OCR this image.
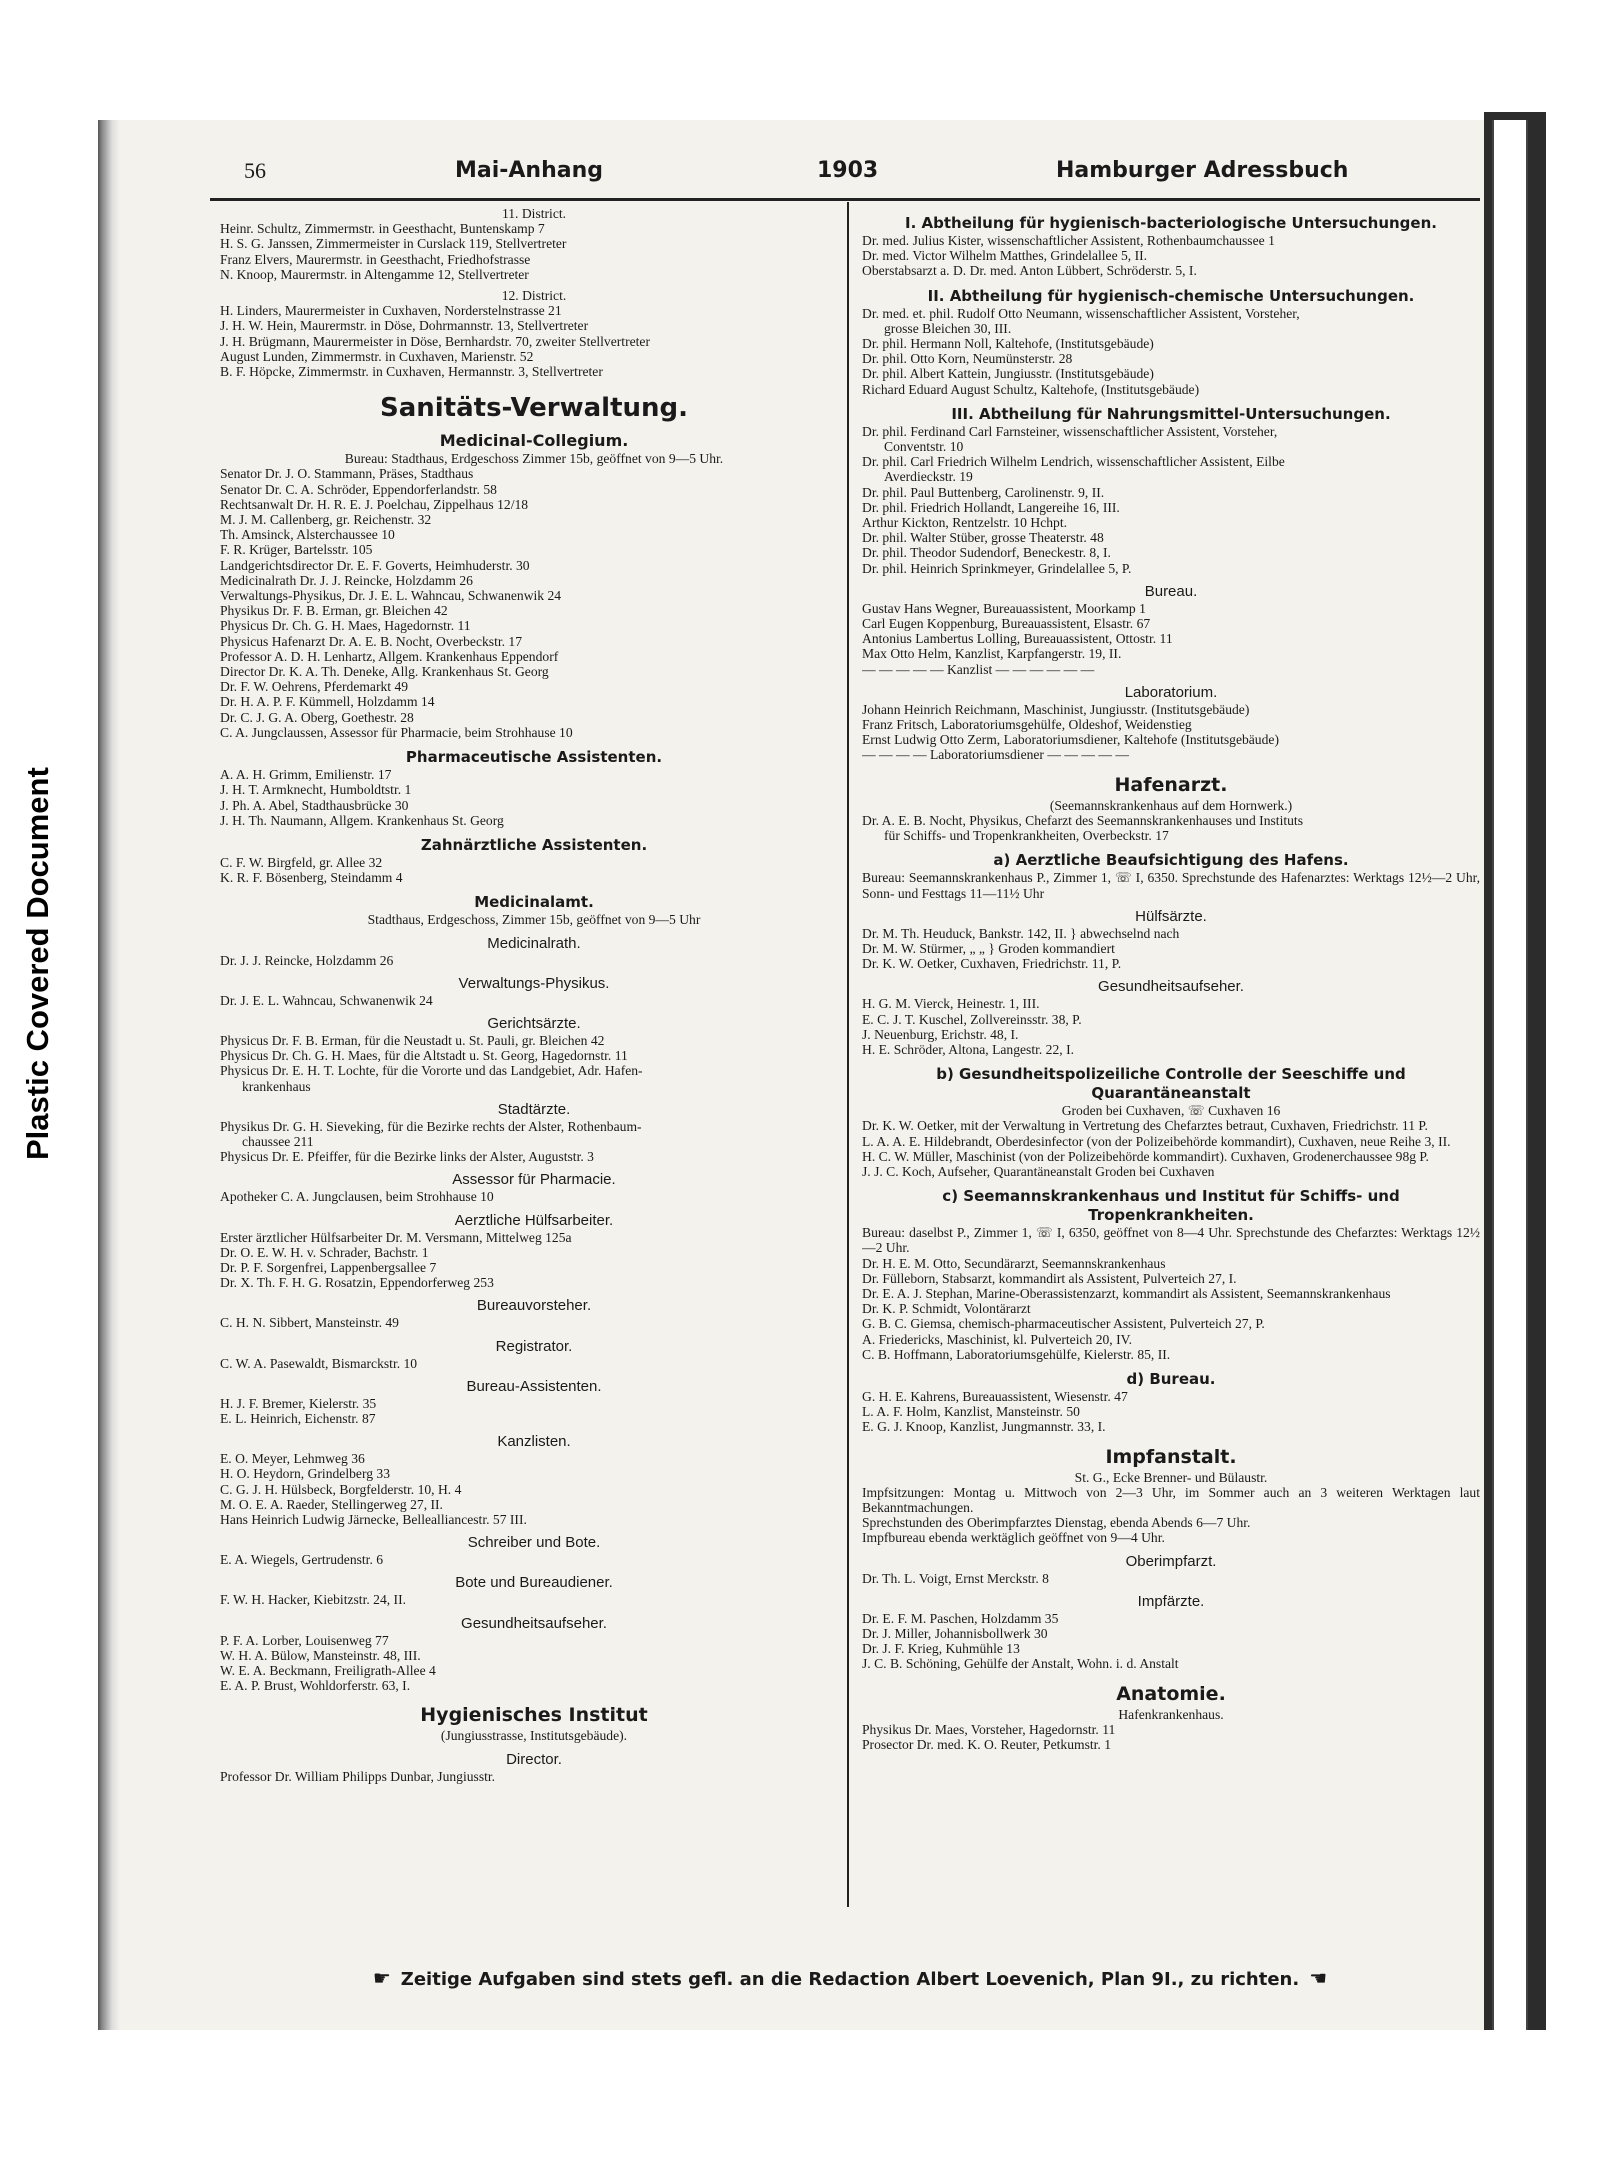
Plastic Covered Document
56	Mai-Anhang	1903	Hamburger Adressbuch
11. District.
Heinr. Schultz, Zimmermstr. in Geesthacht, Buntenskamp 7
H. S. G. Janssen, Zimmermeister in Curslack 119, Stellvertreter
Franz Elvers, Maurermstr. in Geesthacht, Friedhofstrasse
N. Knoop, Maurermstr. in Altengamme 12, Stellvertreter
12. District.
H. Linders, Maurermeister in Cuxhaven, Norderstelnstrasse 21
J. H. W. Hein, Maurermstr. in Döse, Dohrmannstr. 13, Stellvertreter
J. H. Brügmann, Maurermeister in Döse, Bernhardstr. 70, zweiter Stellvertreter
August Lunden, Zimmermstr. in Cuxhaven, Marienstr. 52
B. F. Höpcke, Zimmermstr. in Cuxhaven, Hermannstr. 3, Stellvertreter
Sanitäts-Verwaltung.
Medicinal-Collegium.
Bureau: Stadthaus, Erdgeschoss Zimmer 15b, geöffnet von 9—5 Uhr.
Senator Dr. J. O. Stammann, Präses, Stadthaus
Senator Dr. C. A. Schröder, Eppendorferlandstr. 58
Rechtsanwalt Dr. H. R. E. J. Poelchau, Zippelhaus 12/18
M. J. M. Callenberg, gr. Reichenstr. 32
Th. Amsinck, Alsterchaussee 10
F. R. Krüger, Bartelsstr. 105
Landgerichtsdirector Dr. E. F. Goverts, Heimhuderstr. 30
Medicinalrath Dr. J. J. Reincke, Holzdamm 26
Verwaltungs-Physikus, Dr. J. E. L. Wahncau, Schwanenwik 24
Physikus Dr. F. B. Erman, gr. Bleichen 42
Physicus Dr. Ch. G. H. Maes, Hagedornstr. 11
Physicus Hafenarzt Dr. A. E. B. Nocht, Overbeckstr. 17
Professor A. D. H. Lenhartz, Allgem. Krankenhaus Eppendorf
Director Dr. K. A. Th. Deneke, Allg. Krankenhaus St. Georg
Dr. F. W. Oehrens, Pferdemarkt 49
Dr. H. A. P. F. Kümmell, Holzdamm 14
Dr. C. J. G. A. Oberg, Goethestr. 28
C. A. Jungclaussen, Assessor für Pharmacie, beim Strohhause 10
Pharmaceutische Assistenten.
A. A. H. Grimm, Emilienstr. 17
J. H. T. Armknecht, Humboldtstr. 1
J. Ph. A. Abel, Stadthausbrücke 30
J. H. Th. Naumann, Allgem. Krankenhaus St. Georg
Zahnärztliche Assistenten.
C. F. W. Birgfeld, gr. Allee 32
K. R. F. Bösenberg, Steindamm 4
Medicinalamt.
Stadthaus, Erdgeschoss, Zimmer 15b, geöffnet von 9—5 Uhr
Medicinalrath.
Dr. J. J. Reincke, Holzdamm 26
Verwaltungs-Physikus.
Dr. J. E. L. Wahncau, Schwanenwik 24
Gerichtsärzte.
Physicus Dr. F. B. Erman, für die Neustadt u. St. Pauli, gr. Bleichen 42
Physicus Dr. Ch. G. H. Maes, für die Altstadt u. St. Georg, Hagedornstr. 11
Physicus Dr. E. H. T. Lochte, für die Vororte und das Landgebiet, Adr. Hafen-
krankenhaus
Stadtärzte.
Physikus Dr. G. H. Sieveking, für die Bezirke rechts der Alster, Rothenbaum-
chaussee 211
Physicus Dr. E. Pfeiffer, für die Bezirke links der Alster, Auguststr. 3
Assessor für Pharmacie.
Apotheker C. A. Jungclausen, beim Strohhause 10
Aerztliche Hülfsarbeiter.
Erster ärztlicher Hülfsarbeiter Dr. M. Versmann, Mittelweg 125a
Dr. O. E. W. H. v. Schrader, Bachstr. 1
Dr. P. F. Sorgenfrei, Lappenbergsallee 7
Dr. X. Th. F. H. G. Rosatzin, Eppendorferweg 253
Bureauvorsteher.
C. H. N. Sibbert, Mansteinstr. 49
Registrator.
C. W. A. Pasewaldt, Bismarckstr. 10
Bureau-Assistenten.
H. J. F. Bremer, Kielerstr. 35
E. L. Heinrich, Eichenstr. 87
Kanzlisten.
E. O. Meyer, Lehmweg 36
H. O. Heydorn, Grindelberg 33
C. G. J. H. Hülsbeck, Borgfelderstr. 10, H. 4
M. O. E. A. Raeder, Stellingerweg 27, II.
Hans Heinrich Ludwig Järnecke, Bellealliancestr. 57 III.
Schreiber und Bote.
E. A. Wiegels, Gertrudenstr. 6
Bote und Bureaudiener.
F. W. H. Hacker, Kiebitzstr. 24, II.
Gesundheitsaufseher.
P. F. A. Lorber, Louisenweg 77
W. H. A. Bülow, Mansteinstr. 48, III.
W. E. A. Beckmann, Freiligrath-Allee 4
E. A. P. Brust, Wohldorferstr. 63, I.
Hygienisches Institut
(Jungiusstrasse, Institutsgebäude).
Director.
Professor Dr. William Philipps Dunbar, Jungiusstr.
I. Abtheilung für hygienisch-bacteriologische Untersuchungen.
Dr. med. Julius Kister, wissenschaftlicher Assistent, Rothenbaumchaussee 1
Dr. med. Victor Wilhelm Matthes, Grindelallee 5, II.
Oberstabsarzt a. D. Dr. med. Anton Lübbert, Schröderstr. 5, I.
II. Abtheilung für hygienisch-chemische Untersuchungen.
Dr. med. et. phil. Rudolf Otto Neumann, wissenschaftlicher Assistent, Vorsteher,
grosse Bleichen 30, III.
Dr. phil. Hermann Noll, Kaltehofe, (Institutsgebäude)
Dr. phil. Otto Korn, Neumünsterstr. 28
Dr. phil. Albert Kattein, Jungiusstr. (Institutsgebäude)
Richard Eduard August Schultz, Kaltehofe, (Institutsgebäude)
III. Abtheilung für Nahrungsmittel-Untersuchungen.
Dr. phil. Ferdinand Carl Farnsteiner, wissenschaftlicher Assistent, Vorsteher,
Conventstr. 10
Dr. phil. Carl Friedrich Wilhelm Lendrich, wissenschaftlicher Assistent, Eilbe
Averdieckstr. 19
Dr. phil. Paul Buttenberg, Carolinenstr. 9, II.
Dr. phil. Friedrich Hollandt, Langereihe 16, III.
Arthur Kickton, Rentzelstr. 10 Hchpt.
Dr. phil. Walter Stüber, grosse Theaterstr. 48
Dr. phil. Theodor Sudendorf, Beneckestr. 8, I.
Dr. phil. Heinrich Sprinkmeyer, Grindelallee 5, P.
Bureau.
Gustav Hans Wegner, Bureauassistent, Moorkamp 1
Carl Eugen Koppenburg, Bureauassistent, Elsastr. 67
Antonius Lambertus Lolling, Bureauassistent, Ottostr. 11
Max Otto Helm, Kanzlist, Karpfangerstr. 19, II.
— — — — — Kanzlist — — — — — —
Laboratorium.
Johann Heinrich Reichmann, Maschinist, Jungiusstr. (Institutsgebäude)
Franz Fritsch, Laboratoriumsgehülfe, Oldeshof, Weidenstieg
Ernst Ludwig Otto Zerm, Laboratoriumsdiener, Kaltehofe (Institutsgebäude)
— — — — Laboratoriumsdiener — — — — —
Hafenarzt.
(Seemannskrankenhaus auf dem Hornwerk.)
Dr. A. E. B. Nocht, Physikus, Chefarzt des Seemannskrankenhauses und Instituts
für Schiffs- und Tropenkrankheiten, Overbeckstr. 17
a) Aerztliche Beaufsichtigung des Hafens.
Bureau: Seemannskrankenhaus P., Zimmer 1, ☏ I, 6350. Sprechstunde des Hafenarztes: Werktags 12½—2 Uhr, Sonn- und Festtags 11—11½ Uhr
Hülfsärzte.
Dr. M. Th. Heuduck, Bankstr. 142, II. } abwechselnd nach
Dr. M. W. Stürmer, „ „ } Groden kommandiert
Dr. K. W. Oetker, Cuxhaven, Friedrichstr. 11, P.
Gesundheitsaufseher.
H. G. M. Vierck, Heinestr. 1, III.
E. C. J. T. Kuschel, Zollvereinsstr. 38, P.
J. Neuenburg, Erichstr. 48, I.
H. E. Schröder, Altona, Langestr. 22, I.
b) Gesundheitspolizeiliche Controlle der Seeschiffe und
Quarantäneanstalt
Groden bei Cuxhaven, ☏ Cuxhaven 16
Dr. K. W. Oetker, mit der Verwaltung in Vertretung des Chefarztes betraut, Cuxhaven, Friedrichstr. 11 P.
L. A. A. E. Hildebrandt, Oberdesinfector (von der Polizeibehörde kommandirt), Cuxhaven, neue Reihe 3, II.
H. C. W. Müller, Maschinist (von der Polizeibehörde kommandirt). Cuxhaven, Grodenerchaussee 98g P.
J. J. C. Koch, Aufseher, Quarantäneanstalt Groden bei Cuxhaven
c) Seemannskrankenhaus und Institut für Schiffs- und
Tropenkrankheiten.
Bureau: daselbst P., Zimmer 1, ☏ I, 6350, geöffnet von 8—4 Uhr. Sprechstunde des Chefarztes: Werktags 12½—2 Uhr.
Dr. H. E. M. Otto, Secundärarzt, Seemannskrankenhaus
Dr. Fülleborn, Stabsarzt, kommandirt als Assistent, Pulverteich 27, I.
Dr. E. A. J. Stephan, Marine-Oberassistenzarzt, kommandirt als Assistent, Seemannskrankenhaus
Dr. K. P. Schmidt, Volontärarzt
G. B. C. Giemsa, chemisch-pharmaceutischer Assistent, Pulverteich 27, P.
A. Friedericks, Maschinist, kl. Pulverteich 20, IV.
C. B. Hoffmann, Laboratoriumsgehülfe, Kielerstr. 85, II.
d) Bureau.
G. H. E. Kahrens, Bureauassistent, Wiesenstr. 47
L. A. F. Holm, Kanzlist, Mansteinstr. 50
E. G. J. Knoop, Kanzlist, Jungmannstr. 33, I.
Impfanstalt.
St. G., Ecke Brenner- und Bülaustr.
Impfsitzungen: Montag u. Mittwoch von 2—3 Uhr, im Sommer auch an 3 weiteren Werktagen laut Bekanntmachungen.
Sprechstunden des Oberimpfarztes Dienstag, ebenda Abends 6—7 Uhr.
Impfbureau ebenda werktäglich geöffnet von 9—4 Uhr.
Oberimpfarzt.
Dr. Th. L. Voigt, Ernst Merckstr. 8
Impfärzte.
Dr. E. F. M. Paschen, Holzdamm 35
Dr. J. Miller, Johannisbollwerk 30
Dr. J. F. Krieg, Kuhmühle 13
J. C. B. Schöning, Gehülfe der Anstalt, Wohn. i. d. Anstalt
Anatomie.
Hafenkrankenhaus.
Physikus Dr. Maes, Vorsteher, Hagedornstr. 11
Prosector Dr. med. K. O. Reuter, Petkumstr. 1
☛ Zeitige Aufgaben sind stets gefl. an die Redaction Albert Loevenich, Plan 9I., zu richten. ☚
